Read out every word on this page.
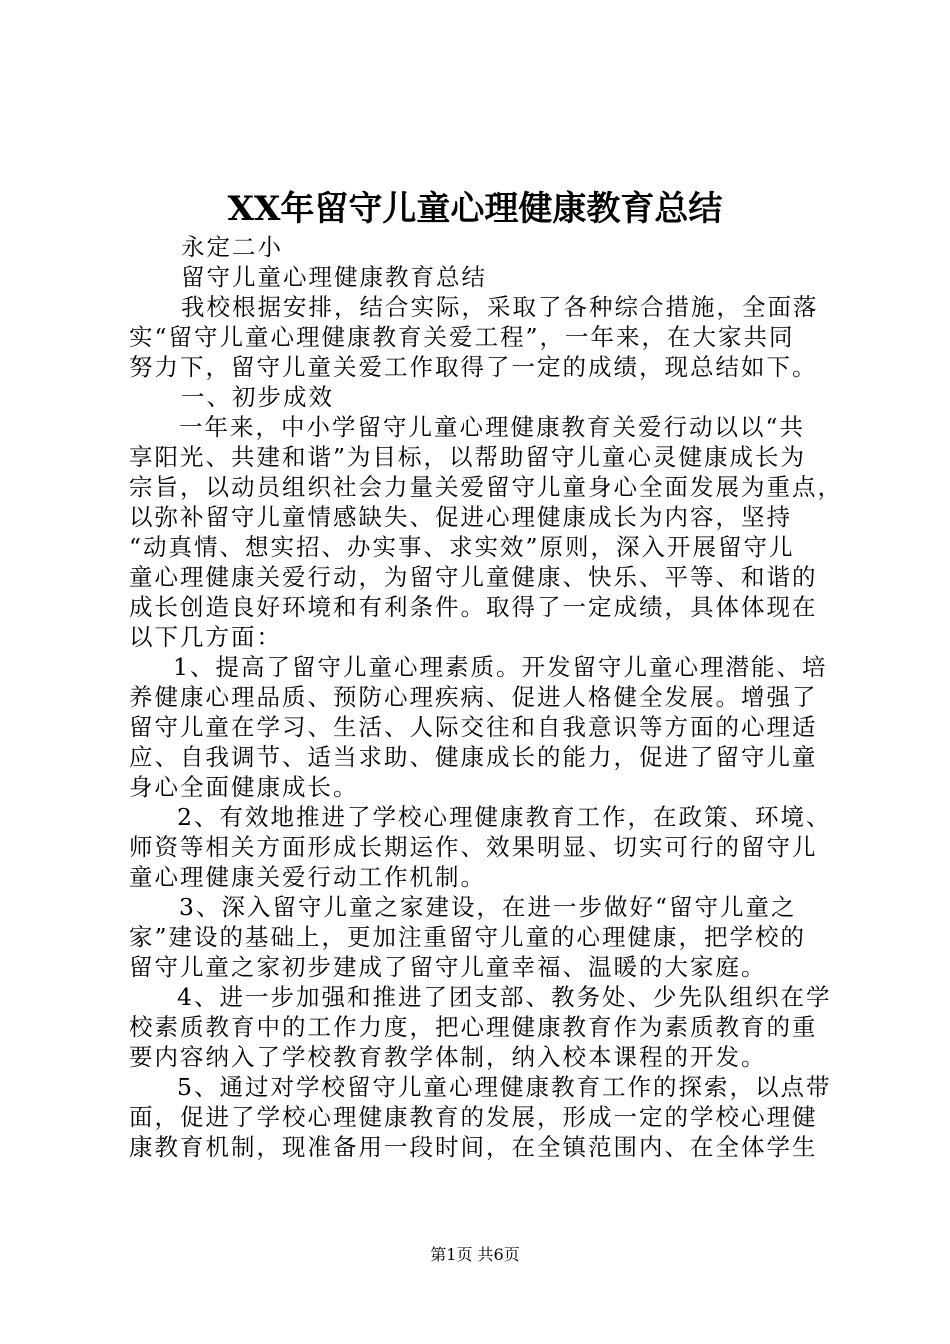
XX年留守儿童心理健康教育总结
永定二小
留守儿童心理健康教育总结
我校根据安排，结合实际，采取了各种综合措施，全面落
实“留守儿童心理健康教育关爱工程”，一年来，在大家共同
努力下，留守儿童关爱工作取得了一定的成绩，现总结如下。
一、初步成效
一年来，中小学留守儿童心理健康教育关爱行动以以“共
享阳光、共建和谐”为目标，以帮助留守儿童心灵健康成长为
宗旨，以动员组织社会力量关爱留守儿童身心全面发展为重点，
以弥补留守儿童情感缺失、促进心理健康成长为内容，坚持
“动真情、想实招、办实事、求实效”原则，深入开展留守儿
童心理健康关爱行动，为留守儿童健康、快乐、平等、和谐的
成长创造良好环境和有利条件。取得了一定成绩，具体体现在
以下几方面：
1、提高了留守儿童心理素质。开发留守儿童心理潜能、培
养健康心理品质、预防心理疾病、促进人格健全发展。增强了
留守儿童在学习、生活、人际交往和自我意识等方面的心理适
应、自我调节、适当求助、健康成长的能力，促进了留守儿童
身心全面健康成长。
2、有效地推进了学校心理健康教育工作，在政策、环境、
师资等相关方面形成长期运作、效果明显、切实可行的留守儿
童心理健康关爱行动工作机制。
3、深入留守儿童之家建设，在进一步做好“留守儿童之
家”建设的基础上，更加注重留守儿童的心理健康，把学校的
留守儿童之家初步建成了留守儿童幸福、温暖的大家庭。
4、进一步加强和推进了团支部、教务处、少先队组织在学
校素质教育中的工作力度，把心理健康教育作为素质教育的重
要内容纳入了学校教育教学体制，纳入校本课程的开发。
5、通过对学校留守儿童心理健康教育工作的探索，以点带
面，促进了学校心理健康教育的发展，形成一定的学校心理健
康教育机制，现准备用一段时间，在全镇范围内、在全体学生
第1页 共6页
